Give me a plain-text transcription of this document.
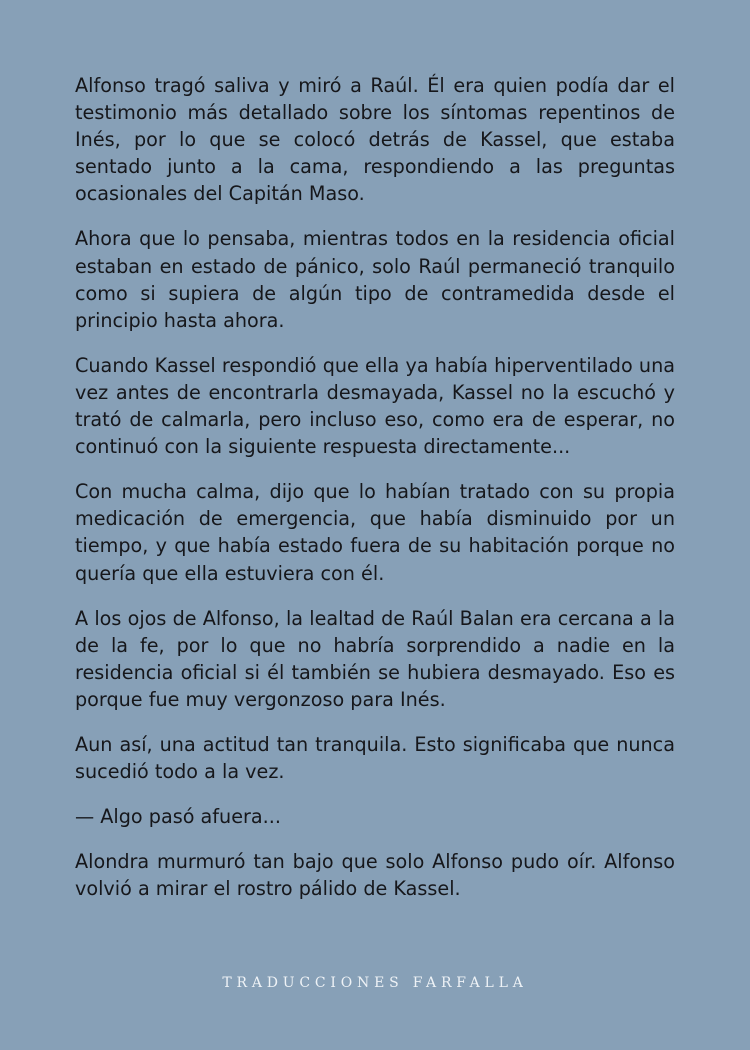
Alfonso tragó saliva y miró a Raúl. Él era quien podía dar el testimonio más detallado sobre los síntomas repentinos de Inés, por lo que se colocó detrás de Kassel, que estaba sentado junto a la cama, respondiendo a las preguntas ocasionales del Capitán Maso.

Ahora que lo pensaba, mientras todos en la residencia oficial estaban en estado de pánico, solo Raúl permaneció tranquilo como si supiera de algún tipo de contramedida desde el principio hasta ahora.

Cuando Kassel respondió que ella ya había hiperventilado una vez antes de encontrarla desmayada, Kassel no la escuchó y trató de calmarla, pero incluso eso, como era de esperar, no continuó con la siguiente respuesta directamente...

Con mucha calma, dijo que lo habían tratado con su propia medicación de emergencia, que había disminuido por un tiempo, y que había estado fuera de su habitación porque no quería que ella estuviera con él.

A los ojos de Alfonso, la lealtad de Raúl Balan era cercana a la de la fe, por lo que no habría sorprendido a nadie en la residencia oficial si él también se hubiera desmayado. Eso es porque fue muy vergonzoso para Inés.

Aun así, una actitud tan tranquila. Esto significaba que nunca sucedió todo a la vez.

— Algo pasó afuera...

Alondra murmuró tan bajo que solo Alfonso pudo oír. Alfonso volvió a mirar el rostro pálido de Kassel.

TRADUCCIONES FARFALLA
